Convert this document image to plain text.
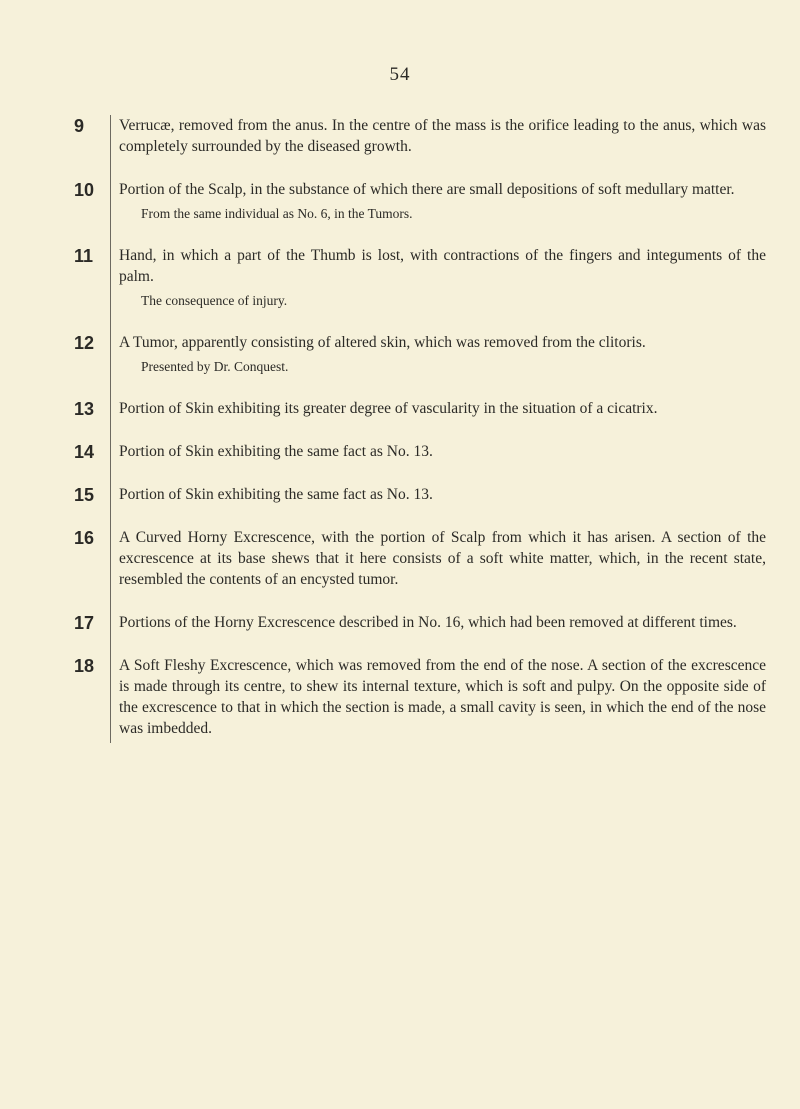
54
9	Verrucæ, removed from the anus. In the centre of the mass is the orifice leading to the anus, which was completely surrounded by the diseased growth.

10	Portion of the Scalp, in the substance of which there are small depositions of soft medullary matter.

From the same individual as No. 6, in the Tumors.

11	Hand, in which a part of the Thumb is lost, with contractions of the fingers and integuments of the palm.

The consequence of injury.

12	A Tumor, apparently consisting of altered skin, which was removed from the clitoris.

Presented by Dr. Conquest.

13	Portion of Skin exhibiting its greater degree of vascularity in the situation of a cicatrix.

14	Portion of Skin exhibiting the same fact as No. 13.

15	Portion of Skin exhibiting the same fact as No. 13.

16	A Curved Horny Excrescence, with the portion of Scalp from which it has arisen. A section of the excrescence at its base shews that it here consists of a soft white matter, which, in the recent state, resembled the contents of an encysted tumor.

17	Portions of the Horny Excrescence described in No. 16, which had been removed at different times.

18	A Soft Fleshy Excrescence, which was removed from the end of the nose. A section of the excrescence is made through its centre, to shew its internal texture, which is soft and pulpy. On the opposite side of the excrescence to that in which the section is made, a small cavity is seen, in which the end of the nose was imbedded.
